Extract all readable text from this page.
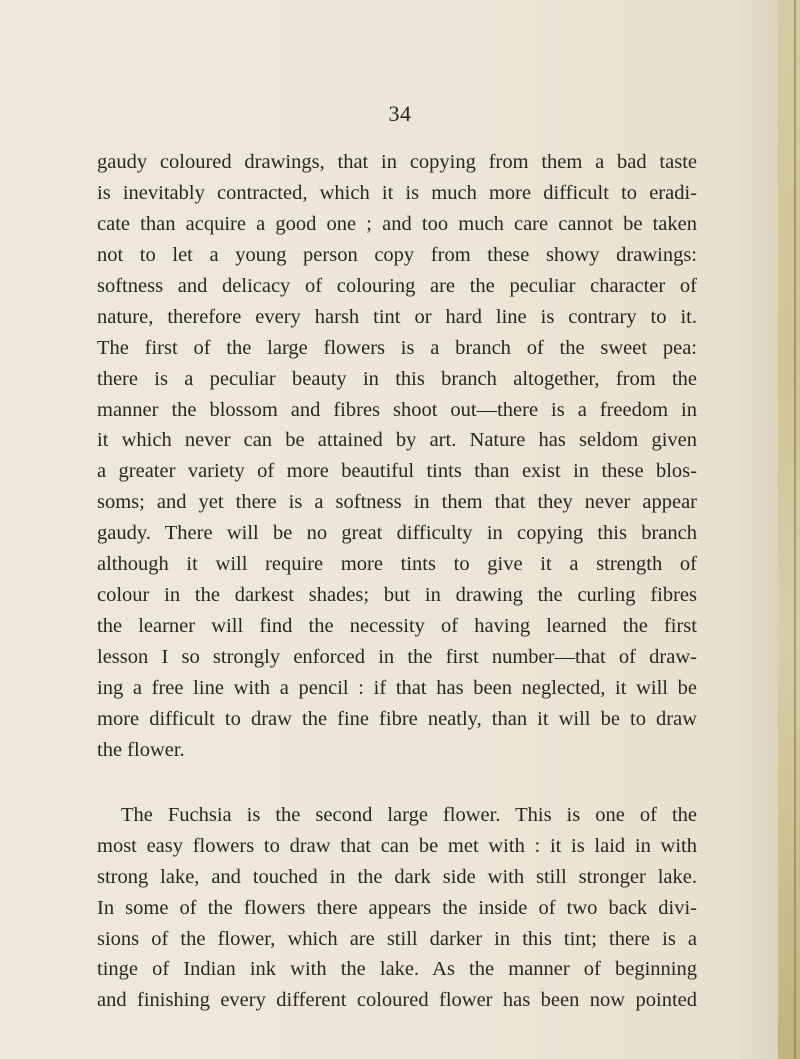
34
gaudy coloured drawings, that in copying from them a bad taste
is inevitably contracted, which it is much more difficult to eradi-
cate than acquire a good one ; and too much care cannot be taken
not to let a young person copy from these showy drawings:
softness and delicacy of colouring are the peculiar character of
nature, therefore every harsh tint or hard line is contrary to it.
The first of the large flowers is a branch of the sweet pea:
there is a peculiar beauty in this branch altogether, from the
manner the blossom and fibres shoot out—there is a freedom in
it which never can be attained by art. Nature has seldom given
a greater variety of more beautiful tints than exist in these blos-
soms; and yet there is a softness in them that they never appear
gaudy. There will be no great difficulty in copying this branch
although it will require more tints to give it a strength of
colour in the darkest shades; but in drawing the curling fibres
the learner will find the necessity of having learned the first
lesson I so strongly enforced in the first number—that of draw-
ing a free line with a pencil : if that has been neglected, it will be
more difficult to draw the fine fibre neatly, than it will be to draw
the flower.
The Fuchsia is the second large flower. This is one of the
most easy flowers to draw that can be met with : it is laid in with
strong lake, and touched in the dark side with still stronger lake.
In some of the flowers there appears the inside of two back divi-
sions of the flower, which are still darker in this tint; there is a
tinge of Indian ink with the lake. As the manner of beginning
and finishing every different coloured flower has been now pointed
